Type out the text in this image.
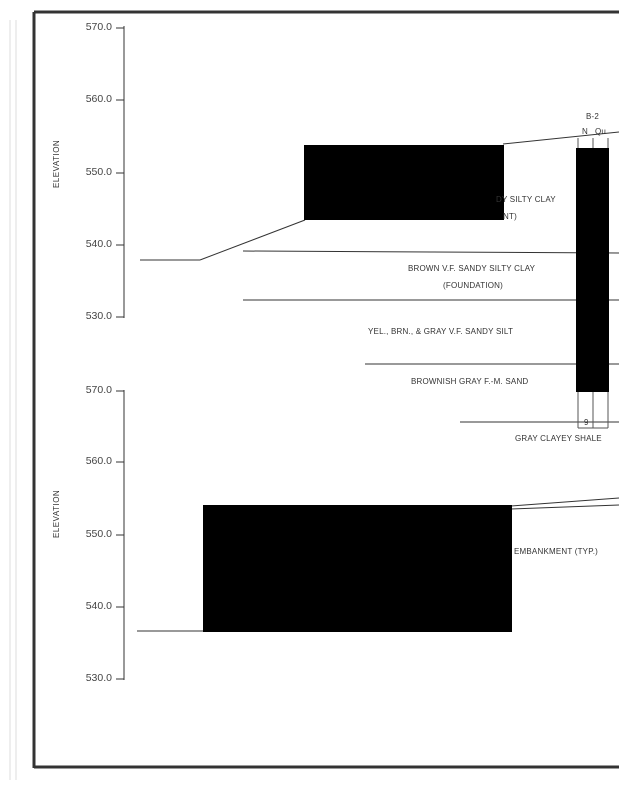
ELEVATION
ELEVATION
570.0
560.0
550.0
540.0
530.0
570.0
560.0
550.0
540.0
530.0
B-2
N Qu
9
DY SILTY CLAY
NT)
BROWN V.F. SANDY SILTY CLAY
(FOUNDATION)
YEL., BRN., & GRAY V.F. SANDY SILT
BROWNISH GRAY F.-M. SAND
GRAY CLAYEY SHALE
EMBANKMENT (TYP.)
